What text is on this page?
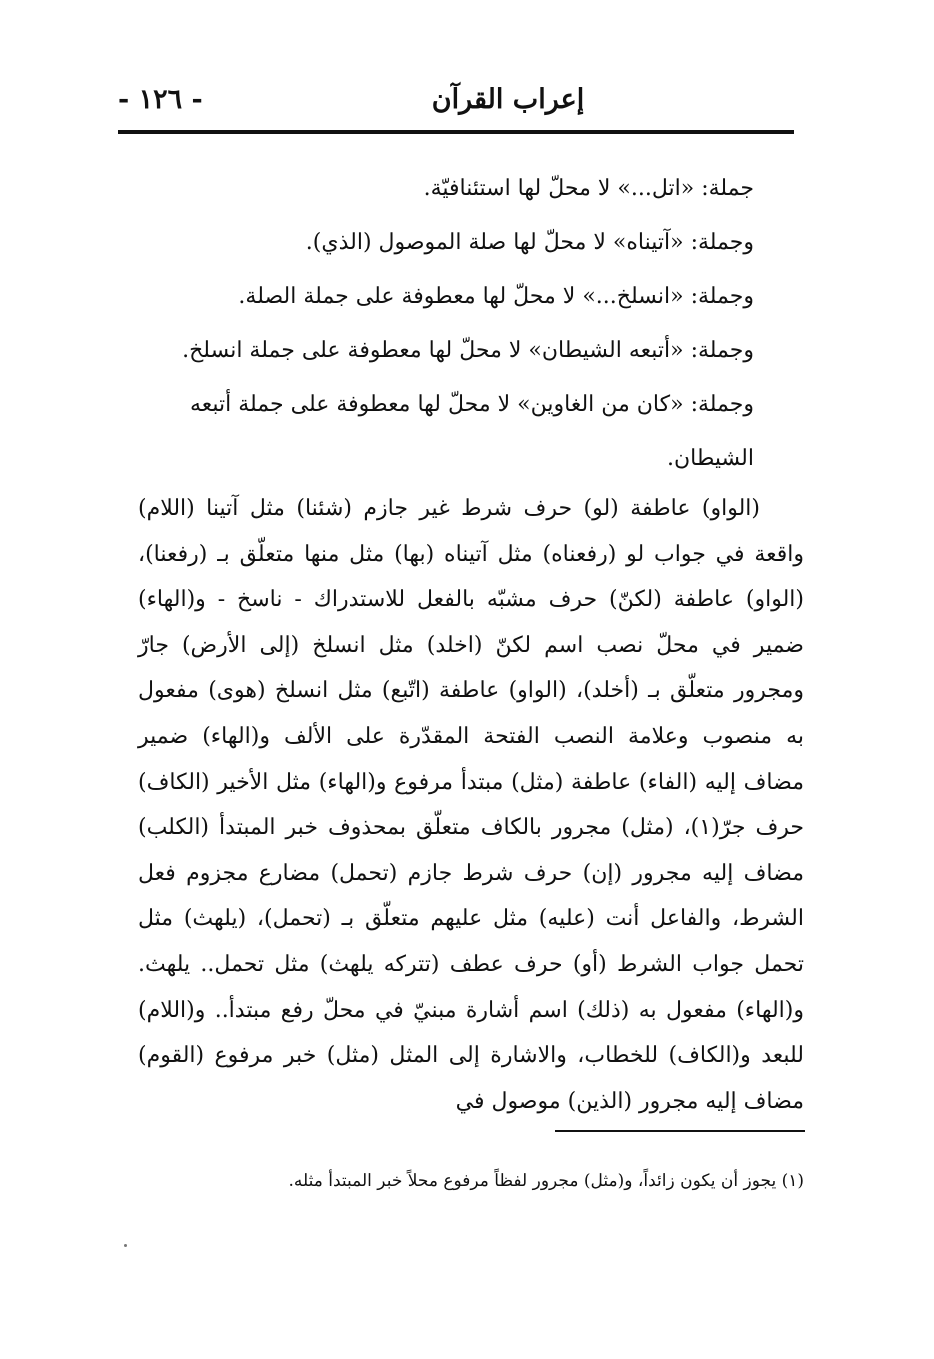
- ١٢٦ -	إعراب القرآن

جملة: «اتل...» لا محلّ لها استئنافيّة.

وجملة: «آتيناه» لا محلّ لها صلة الموصول (الذي).

وجملة: «انسلخ...» لا محلّ لها معطوفة على جملة الصلة.

وجملة: «أتبعه الشيطان» لا محلّ لها معطوفة على جملة انسلخ.

وجملة: «كان من الغاوين» لا محلّ لها معطوفة على جملة أتبعه الشيطان.

(الواو) عاطفة (لو) حرف شرط غير جازم (شئنا) مثل آتينا (اللام) واقعة في جواب لو (رفعناه) مثل آتيناه (بها) مثل منها متعلّق بـ (رفعنا)، (الواو) عاطفة (لكنّ) حرف مشبّه بالفعل للاستدراك - ناسخ - و(الهاء) ضمير في محلّ نصب اسم لكنّ (اخلد) مثل انسلخ (إلى الأرض) جارّ ومجرور متعلّق بـ (أخلد)، (الواو) عاطفة (اتّبع) مثل انسلخ (هوى) مفعول به منصوب وعلامة النصب الفتحة المقدّرة على الألف و(الهاء) ضمير مضاف إليه (الفاء) عاطفة (مثل) مبتدأ مرفوع و(الهاء) مثل الأخير (الكاف) حرف جرّ(١)، (مثل) مجرور بالكاف متعلّق بمحذوف خبر المبتدأ (الكلب) مضاف إليه مجرور (إن) حرف شرط جازم (تحمل) مضارع مجزوم فعل الشرط، والفاعل أنت (عليه) مثل عليهم متعلّق بـ (تحمل)، (يلهث) مثل تحمل جواب الشرط (أو) حرف عطف (تتركه يلهث) مثل تحمل.. يلهث. و(الهاء) مفعول به (ذلك) اسم أشارة مبنيّ في محلّ رفع مبتدأ.. و(اللام) للبعد و(الكاف) للخطاب، والاشارة إلى المثل (مثل) خبر مرفوع (القوم) مضاف إليه مجرور (الذين) موصول في

(١) يجوز أن يكون زائداً، و(مثل) مجرور لفظاً مرفوع محلاً خبر المبتدأ مثله.
